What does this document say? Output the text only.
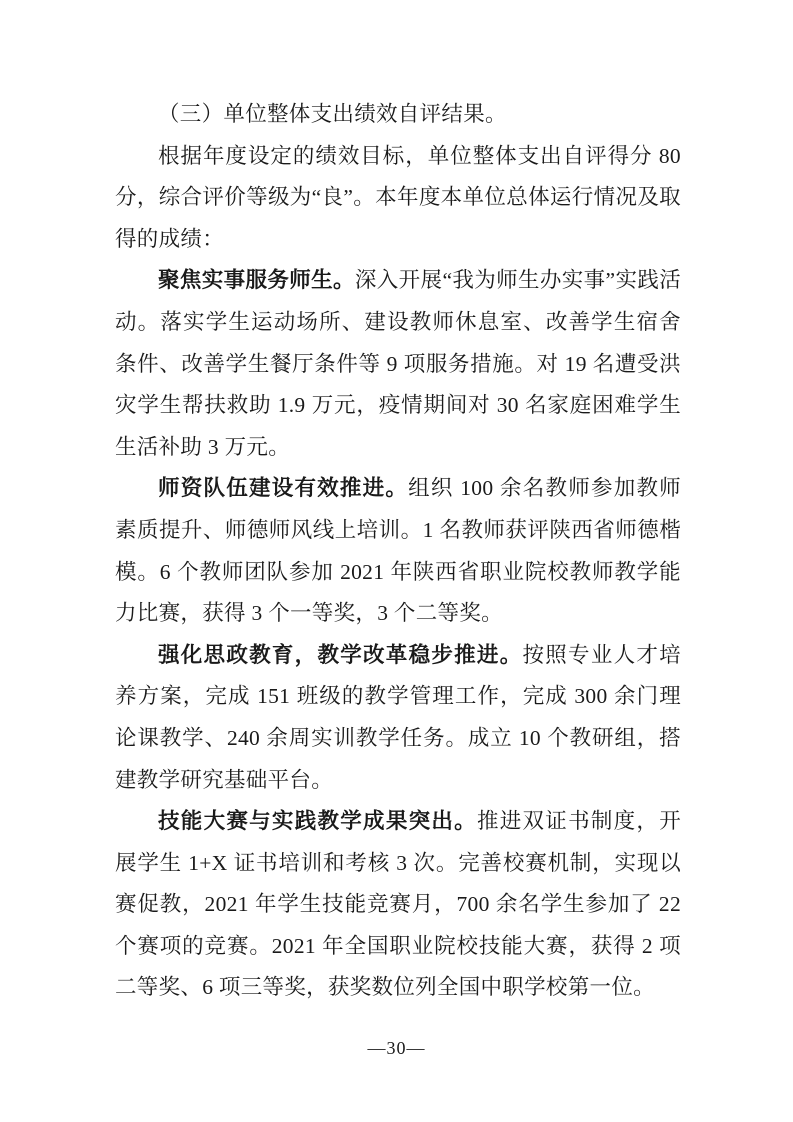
（三）单位整体支出绩效自评结果。

根据年度设定的绩效目标，单位整体支出自评得分 80 分，综合评价等级为“良”。本年度本单位总体运行情况及取得的成绩：

聚焦实事服务师生。深入开展“我为师生办实事”实践活动。落实学生运动场所、建设教师休息室、改善学生宿舍条件、改善学生餐厅条件等 9 项服务措施。对 19 名遭受洪灾学生帮扶救助 1.9 万元，疫情期间对 30 名家庭困难学生生活补助 3 万元。

师资队伍建设有效推进。组织 100 余名教师参加教师素质提升、师德师风线上培训。1 名教师获评陕西省师德楷模。6 个教师团队参加 2021 年陕西省职业院校教师教学能力比赛，获得 3 个一等奖，3 个二等奖。

强化思政教育，教学改革稳步推进。按照专业人才培养方案，完成 151 班级的教学管理工作，完成 300 余门理论课教学、240 余周实训教学任务。成立 10 个教研组，搭建教学研究基础平台。

技能大赛与实践教学成果突出。推进双证书制度，开展学生 1+X 证书培训和考核 3 次。完善校赛机制，实现以赛促教，2021 年学生技能竞赛月，700 余名学生参加了 22 个赛项的竞赛。2021 年全国职业院校技能大赛，获得 2 项二等奖、6 项三等奖，获奖数位列全国中职学校第一位。

—30—
